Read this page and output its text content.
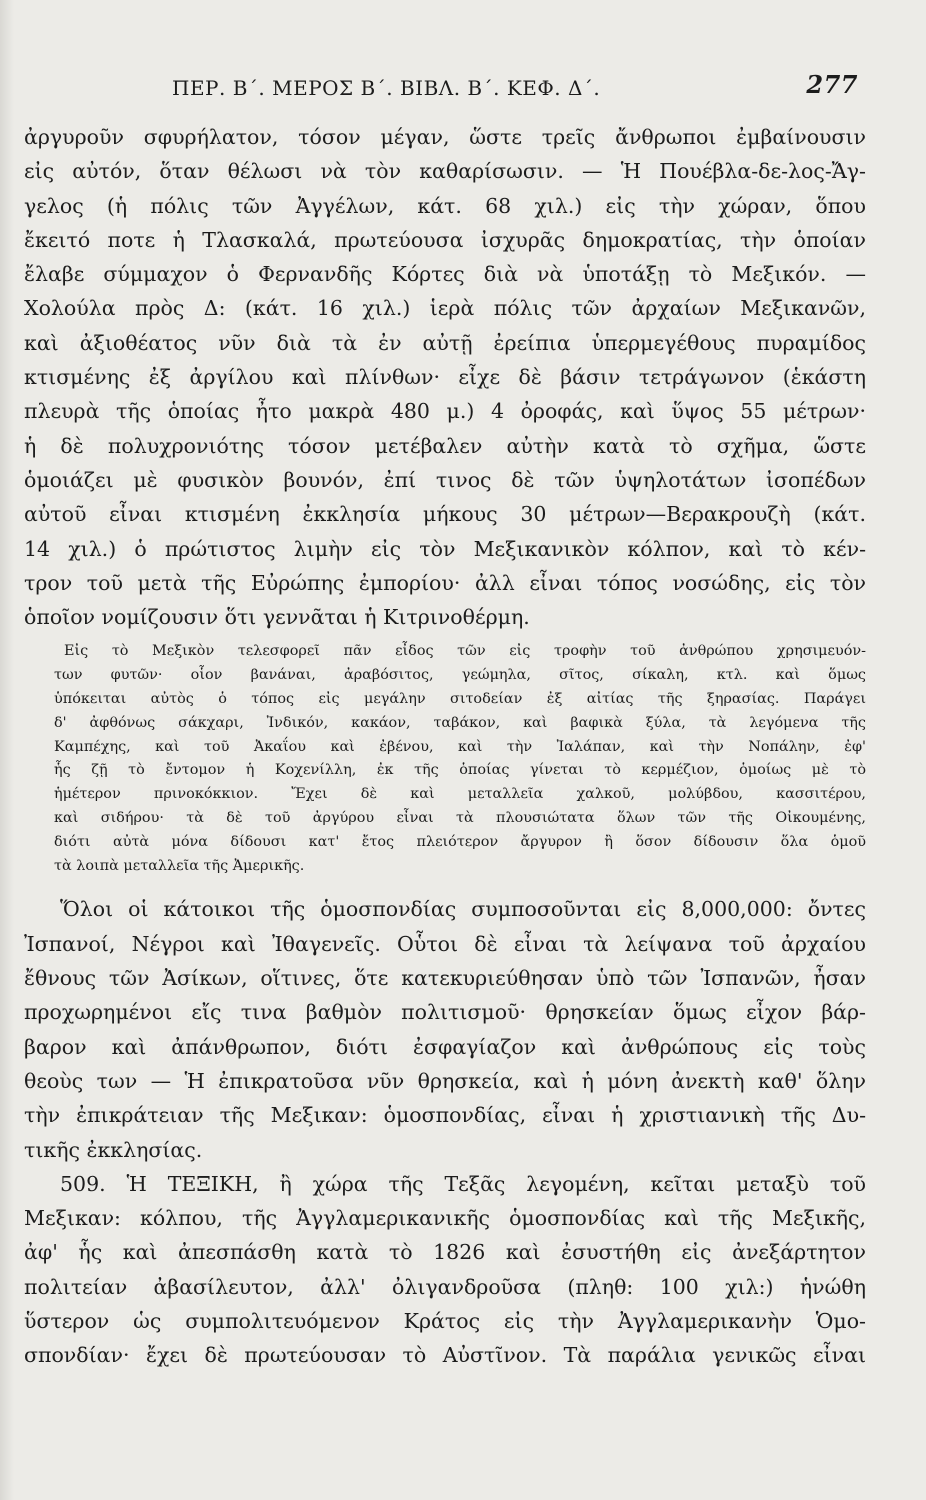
ΠΕΡ. Β΄. ΜΕΡΟΣ Β΄. ΒΙΒΛ. Β΄. ΚΕΦ. Δ΄.	277

ἀργυροῦν σφυρήλατον, τόσον μέγαν, ὥστε τρεῖς ἄνθρωποι ἐμβαίνουσιν

εἰς αὐτόν, ὅταν θέλωσι νὰ τὸν καθαρίσωσιν. — Ἡ Πουέβλα-δε-λος-Ἄγ-

γελος (ἡ πόλις τῶν Ἀγγέλων, κάτ. 68 χιλ.) εἰς τὴν χώραν, ὅπου

ἔκειτό ποτε ἡ Τλασκαλά, πρωτεύουσα ἰσχυρᾶς δημοκρατίας, τὴν ὁποίαν

ἔλαβε σύμμαχον ὁ Φερνανδῆς Κόρτες διὰ νὰ ὑποτάξῃ τὸ Μεξικόν. —

Χολούλα πρὸς Δ: (κάτ. 16 χιλ.) ἱερὰ πόλις τῶν ἀρχαίων Μεξικανῶν,

καὶ ἀξιοθέατος νῦν διὰ τὰ ἐν αὐτῇ ἐρείπια ὑπερμεγέθους πυραμίδος

κτισμένης ἐξ ἀργίλου καὶ πλίνθων· εἶχε δὲ βάσιν τετράγωνον (ἑκάστη

πλευρὰ τῆς ὁποίας ἦτο μακρὰ 480 μ.) 4 ὀροφάς, καὶ ὕψος 55 μέτρων·

ἡ δὲ πολυχρονιότης τόσον μετέβαλεν αὐτὴν κατὰ τὸ σχῆμα, ὥστε

ὁμοιάζει μὲ φυσικὸν βουνόν, ἐπί τινος δὲ τῶν ὑψηλοτάτων ἰσοπέδων

αὐτοῦ εἶναι κτισμένη ἐκκλησία μήκους 30 μέτρων—Βερακρουζὴ (κάτ.

14 χιλ.) ὁ πρώτιστος λιμὴν εἰς τὸν Μεξικανικὸν κόλπον, καὶ τὸ κέν-

τρον τοῦ μετὰ τῆς Εὐρώπης ἐμπορίου· ἀλλ εἶναι τόπος νοσώδης, εἰς τὸν

ὁποῖον νομίζουσιν ὅτι γεννᾶται ἡ Κιτρινοθέρμη.

Εἰς τὸ Μεξικὸν τελεσφορεῖ πᾶν εἶδος τῶν εἰς τροφὴν τοῦ ἀνθρώπου χρησιμευόν-

των φυτῶν· οἷον βανάναι, ἀραβόσιτος, γεώμηλα, σῖτος, σίκαλη, κτλ. καὶ ὅμως

ὑπόκειται αὐτὸς ὁ τόπος εἰς μεγάλην σιτοδείαν ἐξ αἰτίας τῆς ξηρασίας. Παράγει

δ' ἀφθόνως σάκχαρι, Ἰνδικόν, κακάον, ταβάκον, καὶ βαφικὰ ξύλα, τὰ λεγόμενα τῆς

Καμπέχης, καὶ τοῦ Ἀκαΐου καὶ ἐβένου, καὶ τὴν Ἰαλάπαν, καὶ τὴν Νοπάλην, ἐφ'

ἧς ζῇ τὸ ἔντομον ἡ Κοχενίλλη, ἐκ τῆς ὁποίας γίνεται τὸ κερμέζιον, ὁμοίως μὲ τὸ

ἡμέτερον πρινοκόκκιον. Ἔχει δὲ καὶ μεταλλεῖα χαλκοῦ, μολύβδου, κασσιτέρου,

καὶ σιδήρου· τὰ δὲ τοῦ ἀργύρου εἶναι τὰ πλουσιώτατα ὅλων τῶν τῆς Οἰκουμένης,

διότι αὐτὰ μόνα δίδουσι κατ' ἔτος πλειότερον ἄργυρον ἢ ὅσον δίδουσιν ὅλα ὁμοῦ

τὰ λοιπὰ μεταλλεῖα τῆς Ἀμερικῆς.

Ὅλοι οἱ κάτοικοι τῆς ὁμοσπονδίας συμποσοῦνται εἰς 8,000,000: ὄντες

Ἰσπανοί, Νέγροι καὶ Ἰθαγενεῖς. Οὗτοι δὲ εἶναι τὰ λείψανα τοῦ ἀρχαίου

ἔθνους τῶν Ἀσίκων, οἵτινες, ὅτε κατεκυριεύθησαν ὑπὸ τῶν Ἰσπανῶν, ἦσαν

προχωρημένοι εἴς τινα βαθμὸν πολιτισμοῦ· θρησκείαν ὅμως εἶχον βάρ-

βαρον καὶ ἀπάνθρωπον, διότι ἐσφαγίαζον καὶ ἀνθρώπους εἰς τοὺς

θεοὺς των — Ἡ ἐπικρατοῦσα νῦν θρησκεία, καὶ ἡ μόνη ἀνεκτὴ καθ' ὅλην

τὴν ἐπικράτειαν τῆς Μεξικαν: ὁμοσπονδίας, εἶναι ἡ χριστιανικὴ τῆς Δυ-

τικῆς ἐκκλησίας.

509. Ἡ ΤΕΞΙΚΗ, ἢ χώρα τῆς Τεξᾶς λεγομένη, κεῖται μεταξὺ τοῦ

Μεξικαν: κόλπου, τῆς Ἀγγλαμερικανικῆς ὁμοσπονδίας καὶ τῆς Μεξικῆς,

ἀφ' ἧς καὶ ἀπεσπάσθη κατὰ τὸ 1826 καὶ ἐσυστήθη εἰς ἀνεξάρτητον

πολιτείαν ἀβασίλευτον, ἀλλ' ὀλιγανδροῦσα (πληθ: 100 χιλ:) ἡνώθη

ὕστερον ὡς συμπολιτευόμενον Κράτος εἰς τὴν Ἀγγλαμερικανὴν Ὁμο-

σπονδίαν· ἔχει δὲ πρωτεύουσαν τὸ Αὐστῖνον. Τὰ παράλια γενικῶς εἶναι
